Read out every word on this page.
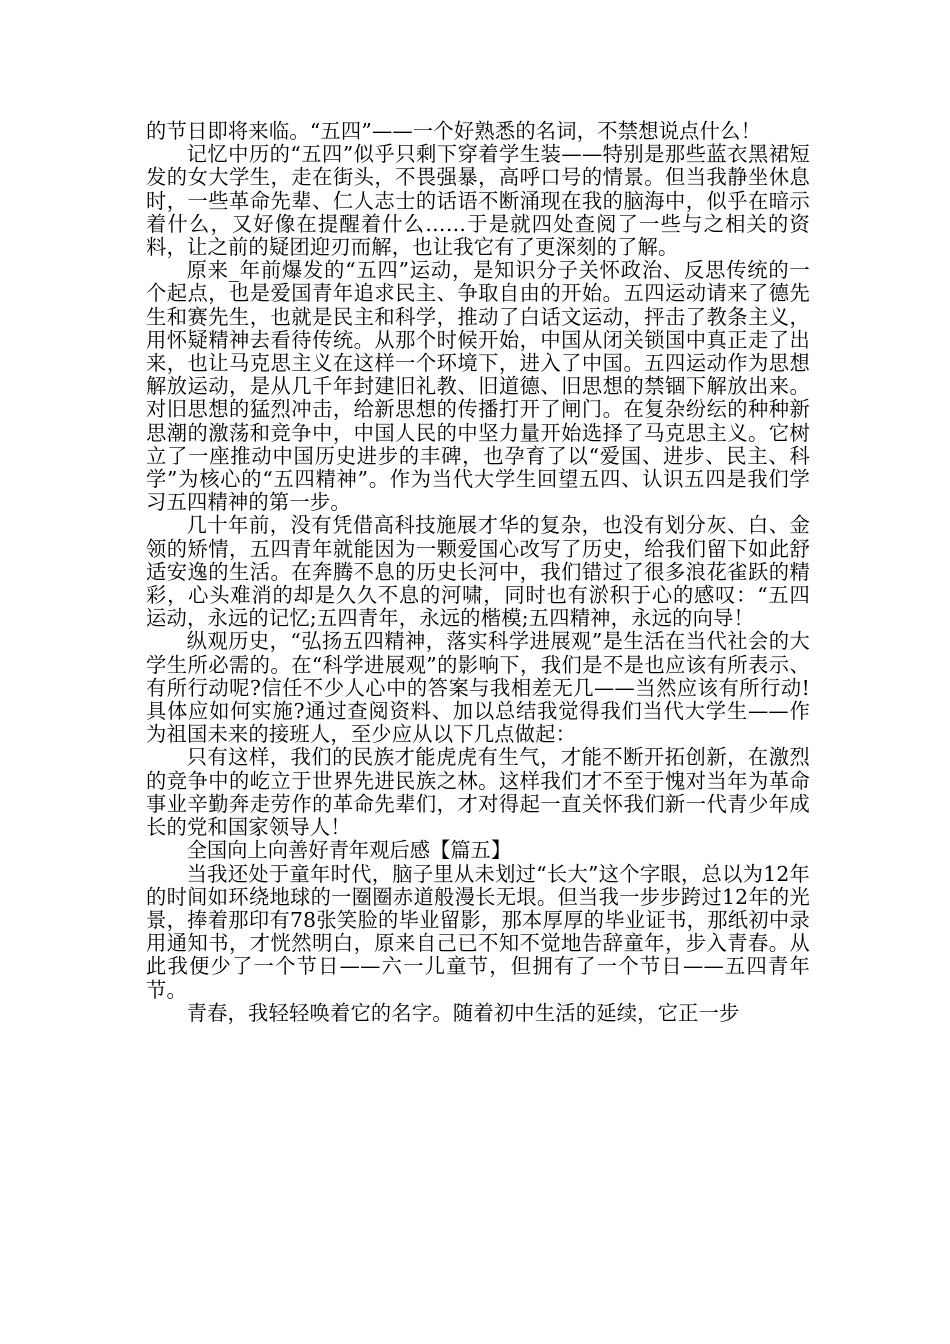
的节日即将来临。“五四”——一个好熟悉的名词，不禁想说点什么！

记忆中历的“五四”似乎只剩下穿着学生装——特别是那些蓝衣黑裙短发的女大学生，走在街头，不畏强暴，高呼口号的情景。但当我静坐休息时，一些革命先辈、仁人志士的话语不断涌现在我的脑海中，似乎在暗示着什么，又好像在提醒着什么……于是就四处查阅了一些与之相关的资料，让之前的疑团迎刃而解，也让我它有了更深刻的了解。

原来_年前爆发的“五四”运动，是知识分子关怀政治、反思传统的一个起点，也是爱国青年追求民主、争取自由的开始。五四运动请来了德先生和赛先生，也就是民主和科学，推动了白话文运动，抨击了教条主义，用怀疑精神去看待传统。从那个时候开始，中国从闭关锁国中真正走了出来，也让马克思主义在这样一个环境下，进入了中国。五四运动作为思想解放运动，是从几千年封建旧礼教、旧道德、旧思想的禁锢下解放出来。对旧思想的猛烈冲击，给新思想的传播打开了闸门。在复杂纷纭的种种新思潮的激荡和竞争中，中国人民的中坚力量开始选择了马克思主义。它树立了一座推动中国历史进步的丰碑，也孕育了以“爱国、进步、民主、科学”为核心的“五四精神”。作为当代大学生回望五四、认识五四是我们学习五四精神的第一步。

几十年前，没有凭借高科技施展才华的复杂，也没有划分灰、白、金领的矫情，五四青年就能因为一颗爱国心改写了历史，给我们留下如此舒适安逸的生活。在奔腾不息的历史长河中，我们错过了很多浪花雀跃的精彩，心头难消的却是久久不息的河啸，同时也有淤积于心的感叹：“五四运动，永远的记忆;五四青年，永远的楷模;五四精神，永远的向导！

纵观历史，“弘扬五四精神，落实科学进展观”是生活在当代社会的大学生所必需的。在“科学进展观”的影响下，我们是不是也应该有所表示、有所行动呢?信任不少人心中的答案与我相差无几——当然应该有所行动!具体应如何实施?通过查阅资料、加以总结我觉得我们当代大学生——作为祖国未来的接班人，至少应从以下几点做起：

只有这样，我们的民族才能虎虎有生气，才能不断开拓创新，在激烈的竞争中的屹立于世界先进民族之林。这样我们才不至于愧对当年为革命事业辛勤奔走劳作的革命先辈们，才对得起一直关怀我们新一代青少年成长的党和国家领导人！

全国向上向善好青年观后感【篇五】

当我还处于童年时代，脑子里从未划过“长大”这个字眼，总以为12年的时间如环绕地球的一圈圈赤道般漫长无垠。但当我一步步跨过12年的光景，捧着那印有78张笑脸的毕业留影，那本厚厚的毕业证书，那纸初中录用通知书，才恍然明白，原来自己已不知不觉地告辞童年，步入青春。从此我便少了一个节日——六一儿童节，但拥有了一个节日——五四青年节。

青春，我轻轻唤着它的名字。随着初中生活的延续，它正一步
